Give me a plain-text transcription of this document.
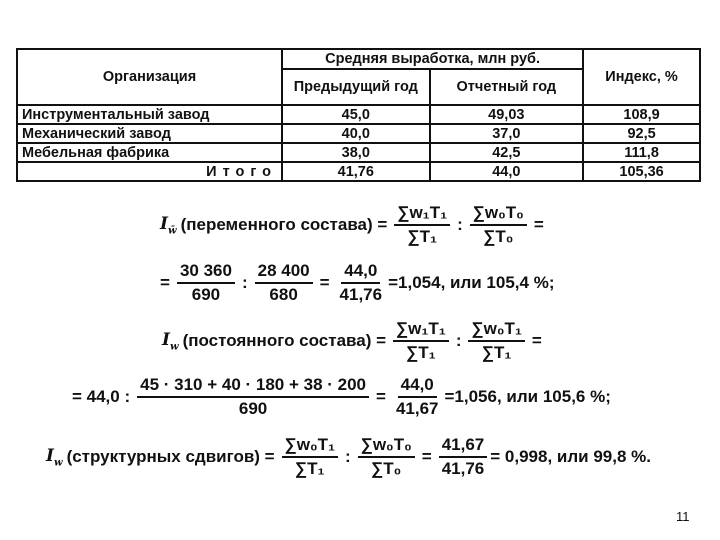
Организация	Средняя выработка, млн руб.		Индекс, %
	Предыдущий год	Отчетный год	
Инструментальный завод	45,0	49,03	108,9
Механический завод	40,0	37,0	92,5
Мебельная фабрика	38,0	42,5	111,8
Итого	41,76	44,0	105,36
$I_{w̄}$ (переменного состава) = $\frac{\text{∑w₁T₁}}{\text{∑T₁}}$ : $\frac{\text{∑w₀T₀}}{\text{∑T₀}}$ =
= $\frac{30 360}{690}$ : $\frac{28 400}{680} = \frac{44,0}{41,76} =1,054$, или 105,4 %;
$I_w$ (постоянного состава) = $\frac{\text{∑w₁T₁}}{\text{∑T₁}}$ : $\frac{\text{∑w₀T₁}}{\text{∑T₁}}$ =
= 44,0 : $\frac{45 \cdot 310 + 40 \cdot 180 + 38 \cdot 200}{690} = \frac{44,0}{41,67} =1,056$, или 105,6 %;
$I_w$ (структурных сдвигов) = $\frac{\text{∑w₀T₁}}{\text{∑T₁}}$ : $\frac{\text{∑w₀T₀}}{\text{∑T₀}} = \frac{41,67}{41,76} = 0,998$, или 99,8 %.
11
